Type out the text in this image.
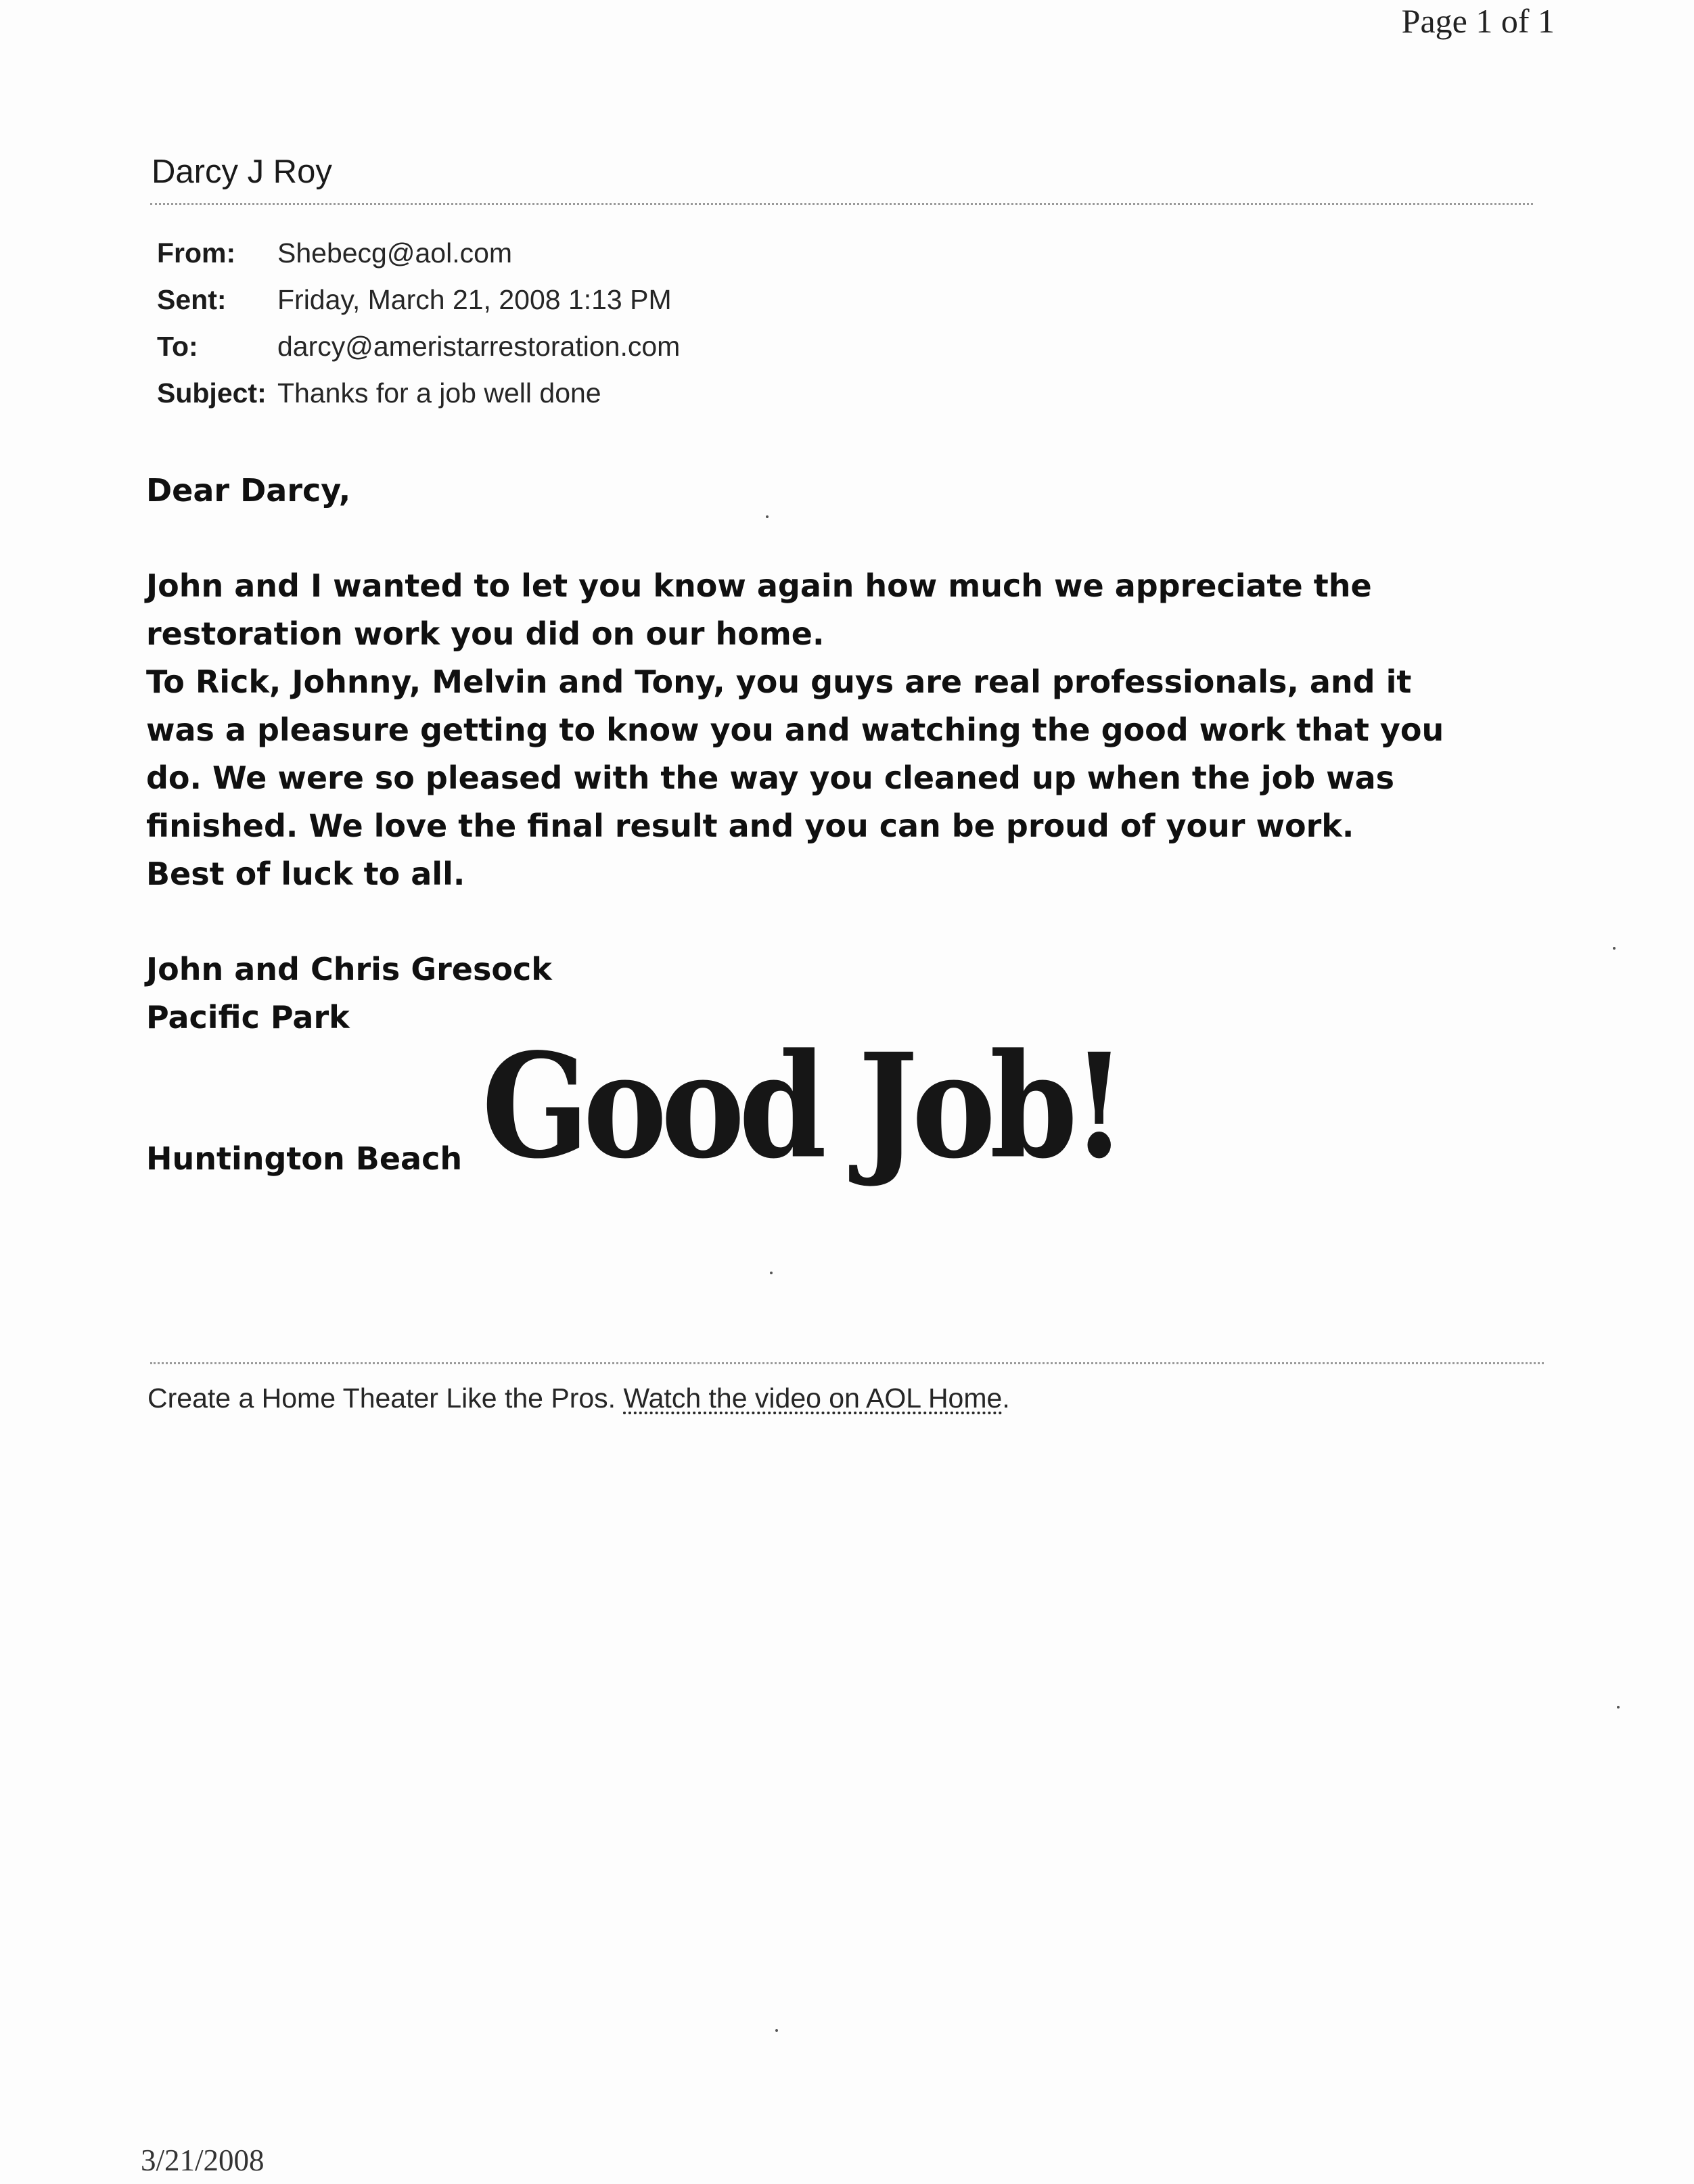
Page 1 of 1
Darcy J Roy
From:	Shebecg@aol.com
Sent:	Friday, March 21, 2008 1:13 PM
To:	darcy@ameristarrestoration.com
Subject: Thanks for a job well done

Dear Darcy,

John and I wanted to let you know again how much we appreciate the
restoration work you did on our home.
To Rick, Johnny, Melvin and Tony, you guys are real professionals, and it
was a pleasure getting to know you and watching the good work that you
do. We were so pleased with the way you cleaned up when the job was
finished. We love the final result and you can be proud of your work.
Best of luck to all.

John and Chris Gresock

Pacific Park

Huntington Beach Good Job!
Create a Home Theater Like the Pros. Watch the video on AOL Home.
3/21/2008
